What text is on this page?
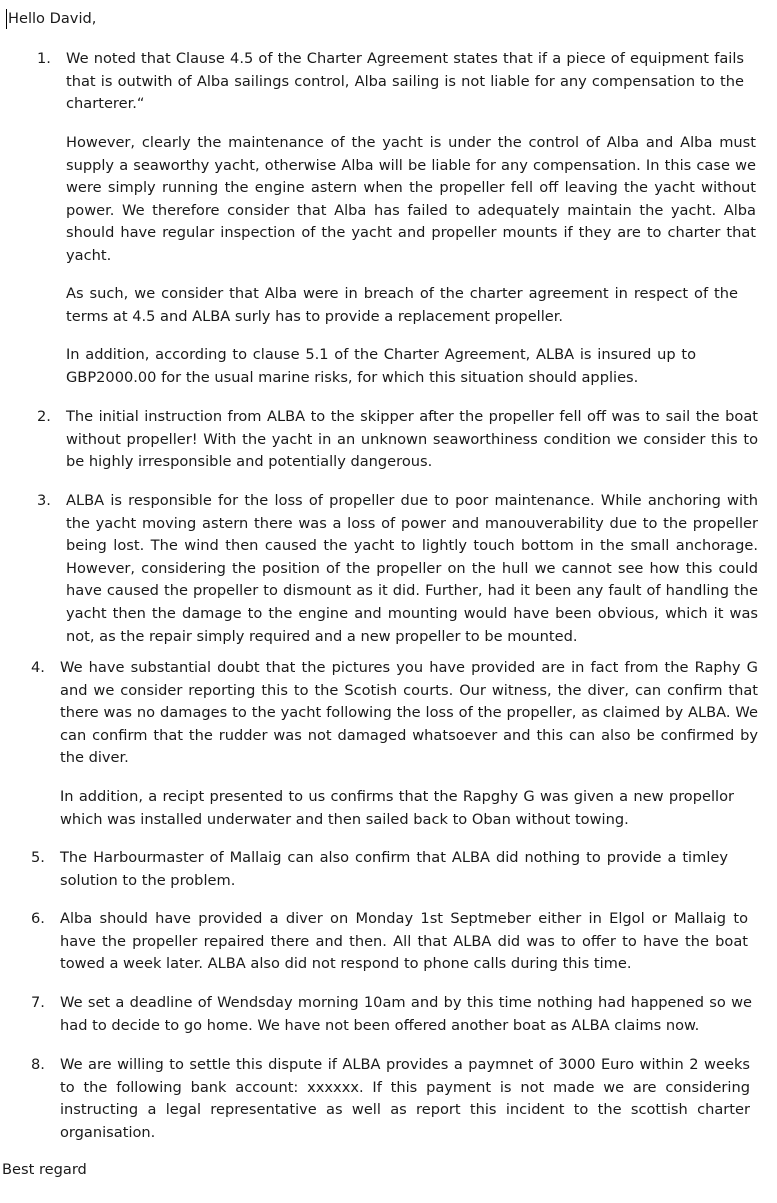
Hello David,
1. We noted that Clause 4.5 of the Charter Agreement states that if a piece of equipment fails that is outwith of Alba sailings control, Alba sailing is not liable for any compensation to the charterer.“
However, clearly the maintenance of the yacht is under the control of Alba and Alba must supply a seaworthy yacht, otherwise Alba will be liable for any compensation. In this case we were simply running the engine astern when the propeller fell off leaving the yacht without power. We therefore consider that Alba has failed to adequately maintain the yacht. Alba should have regular inspection of the yacht and propeller mounts if they are to charter that yacht.
As such, we consider that Alba were in breach of the charter agreement in respect of the terms at 4.5 and ALBA surly has to provide a replacement propeller.
In addition, according to clause 5.1 of the Charter Agreement, ALBA is insured up to GBP2000.00 for the usual marine risks, for which this situation should applies.
2. The initial instruction from ALBA to the skipper after the propeller fell off was to sail the boat without propeller! With the yacht in an unknown seaworthiness condition we consider this to be highly irresponsible and potentially dangerous.
3. ALBA is responsible for the loss of propeller due to poor maintenance. While anchoring with the yacht moving astern there was a loss of power and manouverability due to the propeller being lost. The wind then caused the yacht to lightly touch bottom in the small anchorage. However, considering the position of the propeller on the hull we cannot see how this could have caused the propeller to dismount as it did. Further, had it been any fault of handling the yacht then the damage to the engine and mounting would have been obvious, which it was not, as the repair simply required and a new propeller to be mounted.
4. We have substantial doubt that the pictures you have provided are in fact from the Raphy G and we consider reporting this to the Scotish courts. Our witness, the diver, can confirm that there was no damages to the yacht following the loss of the propeller, as claimed by ALBA. We can confirm that the rudder was not damaged whatsoever and this can also be confirmed by the diver.
In addition, a recipt presented to us confirms that the Rapghy G was given a new propellor which was installed underwater and then sailed back to Oban without towing.
5. The Harbourmaster of Mallaig can also confirm that ALBA did nothing to provide a timley solution to the problem.
6. Alba should have provided a diver on Monday 1st Septmeber either in Elgol or Mallaig to have the propeller repaired there and then. All that ALBA did was to offer to have the boat towed a week later. ALBA also did not respond to phone calls during this time.
7. We set a deadline of Wendsday morning 10am and by this time nothing had happened so we had to decide to go home. We have not been offered another boat as ALBA claims now.
8. We are willing to settle this dispute if ALBA provides a paymnet of 3000 Euro within 2 weeks to the following bank account: xxxxxx. If this payment is not made we are considering instructing a legal representative as well as report this incident to the scottish charter organisation.
Best regard
